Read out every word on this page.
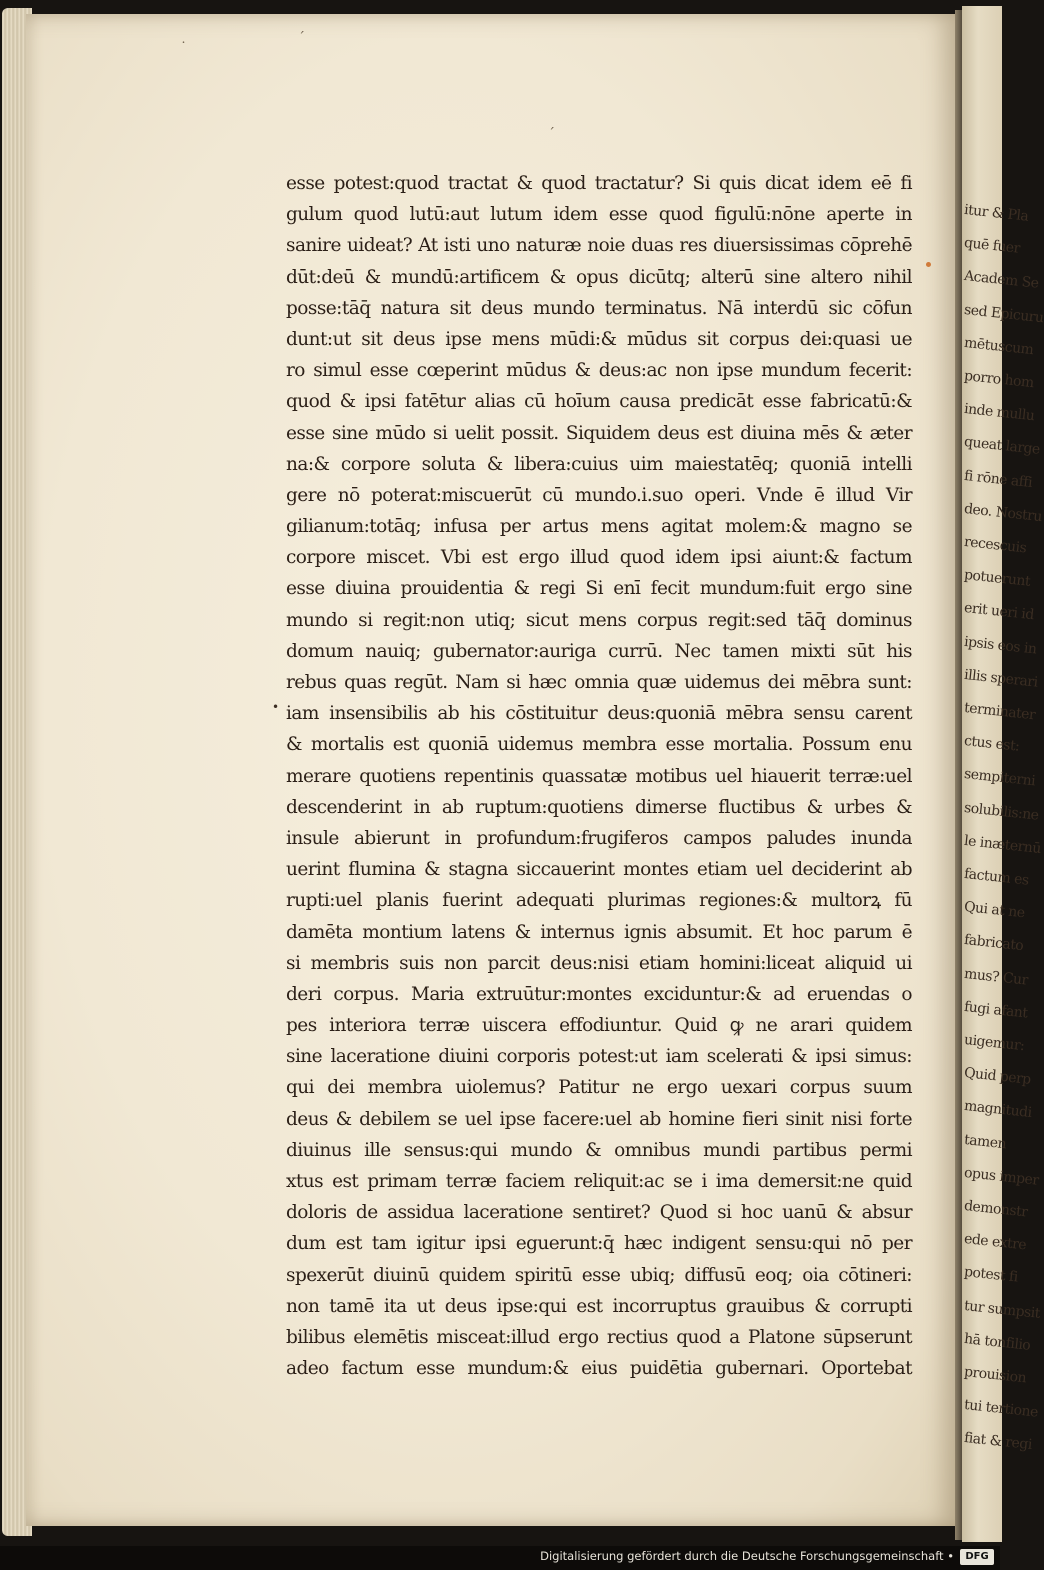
˙
ˊ
ˊ
•
esse potest:quod tractat & quod tractatur? Si quis dicat idem eē fi
gulum quod lutū:aut lutum idem esse quod figulū:nōne aperte in
sanire uideat? At isti uno naturæ noie duas res diuersissimas cōprehē
dūt:deū & mundū:artificem & opus dicūtq; alterū sine altero nihil
posse:tāq̄ natura sit deus mundo terminatus. Nā interdū sic cōfun
dunt:ut sit deus ipse mens mūdi:& mūdus sit corpus dei:quasi ue
ro simul esse cœperint mūdus & deus:ac non ipse mundum fecerit:
quod & ipsi fatētur alias cū hoīum causa predicāt esse fabricatū:&
esse sine mūdo si uelit possit. Siquidem deus est diuina mēs & æter
na:& corpore soluta & libera:cuius uim maiestatēq; quoniā intelli
gere nō poterat:miscuerūt cū mundo.i.suo operi. Vnde ē illud Vir
gilianum:totāq; infusa per artus mens agitat molem:& magno se
corpore miscet. Vbi est ergo illud quod idem ipsi aiunt:& factum
esse diuina prouidentia & regi Si enī fecit mundum:fuit ergo sine
mundo si regit:non utiq; sicut mens corpus regit:sed tāq̄ dominus
domum nauiq; gubernator:auriga currū. Nec tamen mixti sūt his
rebus quas regūt. Nam si hæc omnia quæ uidemus dei mēbra sunt:
iam insensibilis ab his cōstituitur deus:quoniā mēbra sensu carent
& mortalis est quoniā uidemus membra esse mortalia. Possum enu
merare quotiens repentinis quassatæ motibus uel hiauerit terræ:uel
descenderint in ab ruptum:quotiens dimerse fluctibus & urbes &
insule abierunt in profundum:frugiferos campos paludes inunda
uerint flumina & stagna siccauerint montes etiam uel deciderint ab
rupti:uel planis fuerint adequati plurimas regiones:& multorꝝ fū
damēta montium latens & internus ignis absumit. Et hoc parum ē
si membris suis non parcit deus:nisi etiam homini:liceat aliquid ui
deri corpus. Maria extruūtur:montes exciduntur:& ad eruendas o
pes interiora terræ uiscera effodiuntur. Quid ꝙ ne arari quidem
sine laceratione diuini corporis potest:ut iam scelerati & ipsi simus:
qui dei membra uiolemus? Patitur ne ergo uexari corpus suum
deus & debilem se uel ipse facere:uel ab homine fieri sinit nisi forte
diuinus ille sensus:qui mundo & omnibus mundi partibus permi
xtus est primam terræ faciem reliquit:ac se i ima demersit:ne quid
doloris de assidua laceratione sentiret? Quod si hoc uanū & absur
dum est tam igitur ipsi eguerunt:q̄ hæc indigent sensu:qui nō per
spexerūt diuinū quidem spiritū esse ubiq; diffusū eoq; oia cōtineri:
non tamē ita ut deus ipse:qui est incorruptus grauibus & corrupti
bilibus elemētis misceat:illud ergo rectius quod a Platone sūpserunt
adeo factum esse mundum:& eius puidētia gubernari. Oportebat
itur & Pla
quē fuer
Academ Se
sed Epicuru
mētuscum
porro hom
inde mullu
queat large
fi rōne affi
deo. Nostru
recescuis
potuerunt
erit ueri id
ipsis eos in
illis sperari
terminater
ctus est:
sempiterni
solubilis:ne
le inæternū
factum es
Qui at ne
fabricato
mus? Cur
fugi afant
uigemur:
Quid perp
magnitudi
tamen
opus imper
demonstr
ede extre
potest fi
tur sumpsit
hā tonfilio
prouision
tui tertione
fiat & regi
Digitalisierung gefördert durch die Deutsche Forschungsgemeinschaft •	DFG
